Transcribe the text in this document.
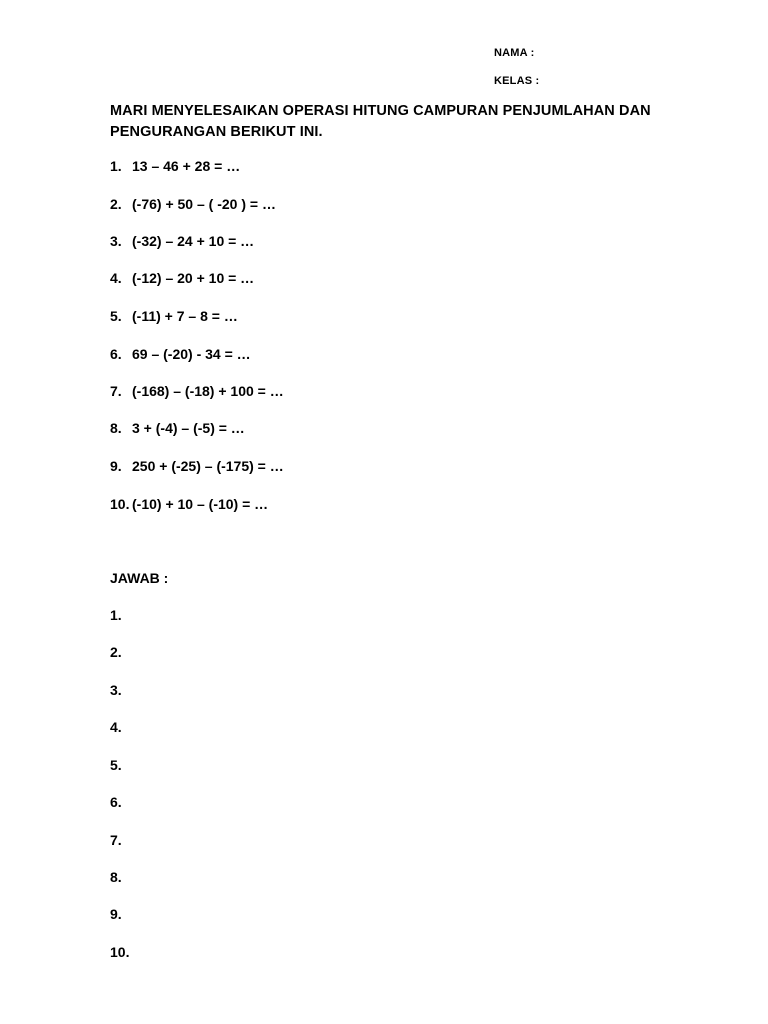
NAMA :
KELAS :
MARI MENYELESAIKAN OPERASI HITUNG CAMPURAN PENJUMLAHAN DAN PENGURANGAN BERIKUT INI.
1. 13 – 46 + 28 = …
2. (-76) + 50 – ( -20 ) = …
3. (-32) – 24 + 10 = …
4. (-12) – 20 + 10 = …
5. (-11) + 7 – 8 = …
6. 69 – (-20) - 34 = …
7. (-168) – (-18) + 100 = …
8. 3 + (-4) – (-5) = …
9. 250 + (-25) – (-175) = …
10. (-10) + 10 – (-10) = …
JAWAB :
1.
2.
3.
4.
5.
6.
7.
8.
9.
10.
